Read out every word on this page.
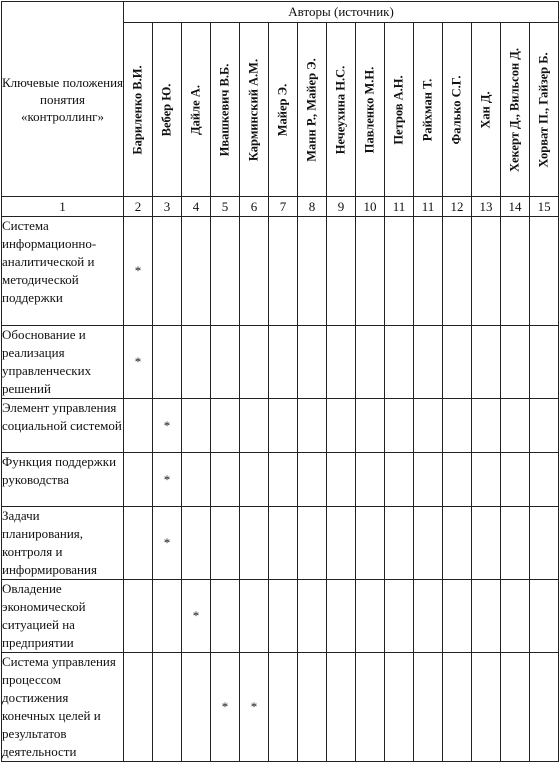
Ключевые положения понятия «контроллинг»	Авторы (источник)														

	Бариленко В.И.	Вебер Ю.	Дайле А.	Ивашкевич В.Б.	Карминский А.М.	Майер Э.	Манн Р., Майер Э.	Нечеухина Н.С.	Павленко М.Н.	Петров А.Н.	Райхман Т.	Фалько С.Г.	Хан Д.	Хекерт Д., Вильсон Д.	Хорват П., Гайзер Б.

1	2	3	4	5	6	7	8	9	10	11	11	12	13	14	15
Система информационно-аналитической и методической поддержки	*														
Обоснование и реализация управленческих решений	*														
Элемент управления социальной системой		*													
Функция поддержки руководства		*													
Задачи планирования, контроля и информирования		*													
Овладение экономической ситуацией на предприятии			*												
Система управления процессом достижения конечных целей и результатов деятельности				*	*										
